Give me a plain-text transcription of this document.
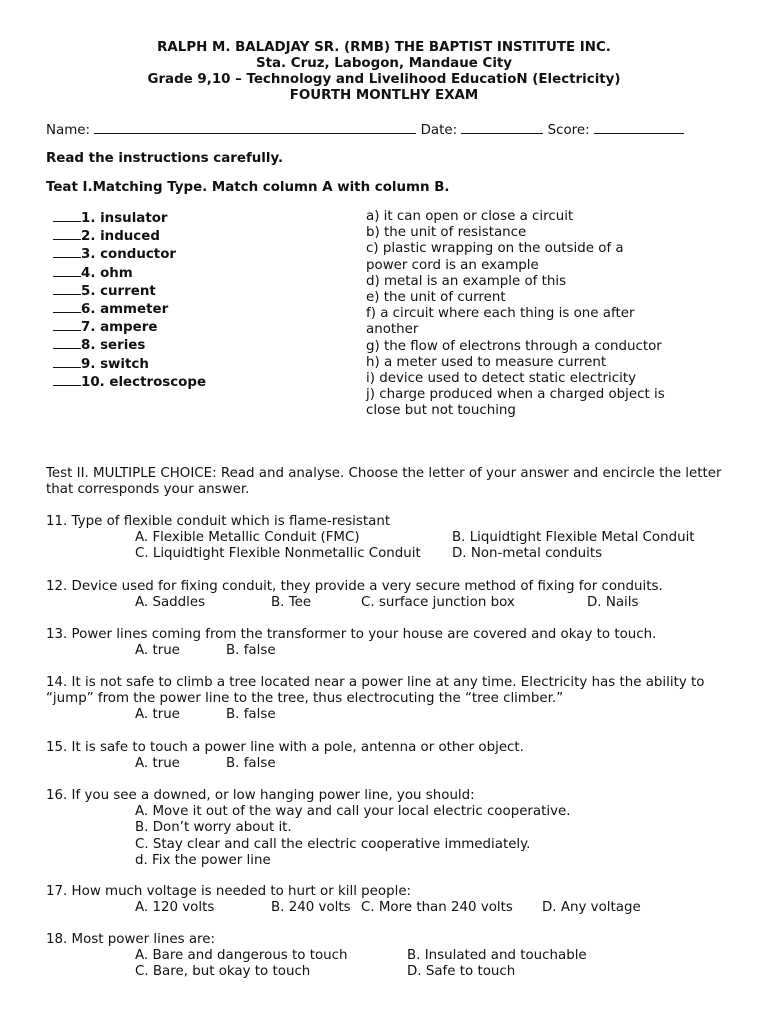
RALPH M. BALADJAY SR. (RMB) THE BAPTIST INSTITUTE INC.
Sta. Cruz, Labogon, Mandaue City
Grade 9,10 – Technology and Livelihood EducatioN (Electricity)
FOURTH MONTLHY EXAM
Name:	Date:	Score:
Read the instructions carefully.
Teat I.Matching Type. Match column A with column B.
1. insulator
2. induced
3. conductor
4. ohm
5. current
6. ammeter
7. ampere
8. series
9. switch
10. electroscope
a) it can open or close a circuit
b) the unit of resistance
c) plastic wrapping on the outside of a power cord is an example
d) metal is an example of this
e) the unit of current
f) a circuit where each thing is one after another
g) the flow of electrons through a conductor
h) a meter used to measure current
i) device used to detect static electricity
j) charge produced when a charged object is close but not touching
Test II. MULTIPLE CHOICE: Read and analyse. Choose the letter of your answer and encircle the letter that corresponds your answer.
11. Type of flexible conduit which is flame-resistant
A. Flexible Metallic Conduit (FMC)	B. Liquidtight Flexible Metal Conduit
C. Liquidtight Flexible Nonmetallic Conduit D. Non-metal conduits
12. Device used for fixing conduit, they provide a very secure method of fixing for conduits.
A. Saddles	B. Tee	C. surface junction box	D. Nails
13. Power lines coming from the transformer to your house are covered and okay to touch.
A. true	B. false
14. It is not safe to climb a tree located near a power line at any time. Electricity has the ability to “jump” from the power line to the tree, thus electrocuting the “tree climber.”
A. true	B. false
15. It is safe to touch a power line with a pole, antenna or other object.
A. true	B. false
16. If you see a downed, or low hanging power line, you should:
A. Move it out of the way and call your local electric cooperative.
B. Don’t worry about it.
C. Stay clear and call the electric cooperative immediately.
d. Fix the power line
17. How much voltage is needed to hurt or kill people:
A. 120 volts	B. 240 volts C. More than 240 volts D. Any voltage
18. Most power lines are:
A. Bare and dangerous to touch	B. Insulated and touchable
C. Bare, but okay to touch	D. Safe to touch
